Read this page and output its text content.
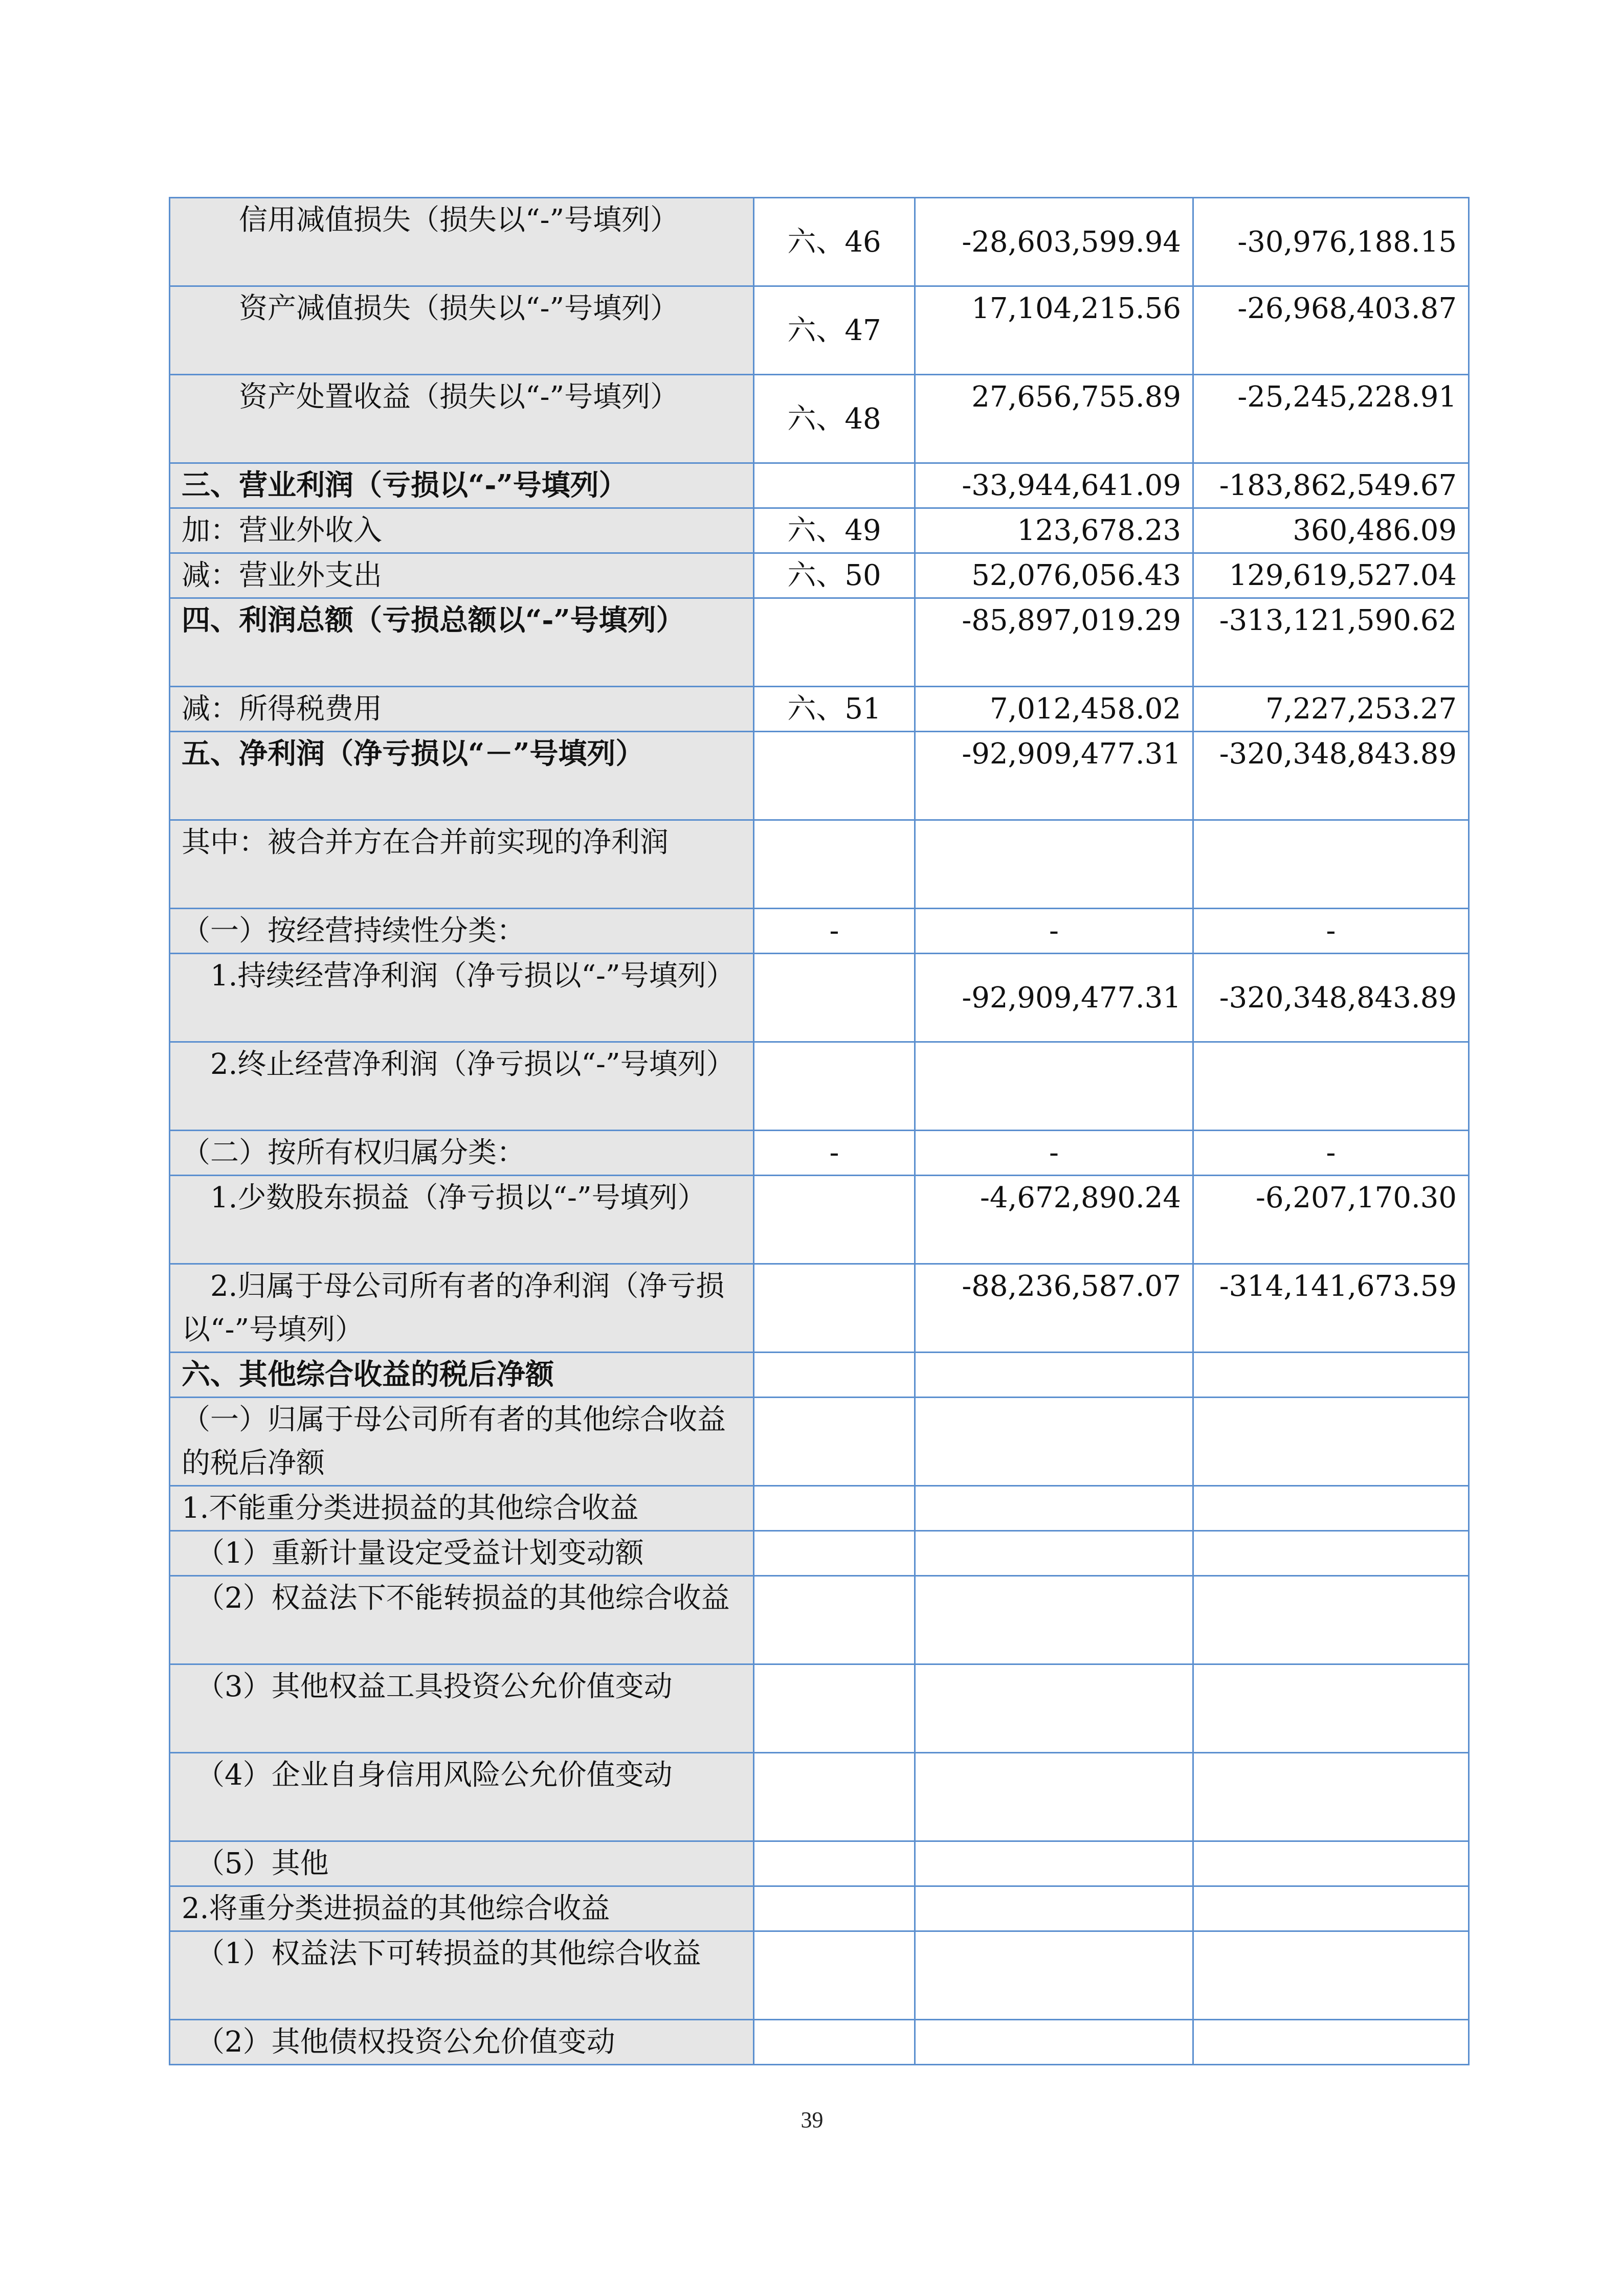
　　信用减值损失（损失以“-”号填列）	六、46	-28,603,599.94	-30,976,188.15
　　资产减值损失（损失以“-”号填列）	六、47	17,104,215.56	-26,968,403.87
　　资产处置收益（损失以“-”号填列）	六、48	27,656,755.89	-25,245,228.91
三、营业利润（亏损以“-”号填列）		-33,944,641.09	-183,862,549.67
加：营业外收入	六、49	123,678.23	360,486.09
减：营业外支出	六、50	52,076,056.43	129,619,527.04
四、利润总额（亏损总额以“-”号填列）		-85,897,019.29	-313,121,590.62
减：所得税费用	六、51	7,012,458.02	7,227,253.27
五、净利润（净亏损以“－”号填列）		-92,909,477.31	-320,348,843.89
其中：被合并方在合并前实现的净利润			
（一）按经营持续性分类：	-	-	-
　1.持续经营净利润（净亏损以“-”号填列）		-92,909,477.31	-320,348,843.89
　2.终止经营净利润（净亏损以“-”号填列）			
（二）按所有权归属分类：	-	-	-
　1.少数股东损益（净亏损以“-”号填列）		-4,672,890.24	-6,207,170.30
　2.归属于母公司所有者的净利润（净亏损以“-”号填列）		-88,236,587.07	-314,141,673.59
六、其他综合收益的税后净额			
（一）归属于母公司所有者的其他综合收益的税后净额			
1.不能重分类进损益的其他综合收益			
　（1）重新计量设定受益计划变动额			
　（2）权益法下不能转损益的其他综合收益			
　（3）其他权益工具投资公允价值变动			
　（4）企业自身信用风险公允价值变动			
　（5）其他			
2.将重分类进损益的其他综合收益			
　（1）权益法下可转损益的其他综合收益			
　（2）其他债权投资公允价值变动			
39
